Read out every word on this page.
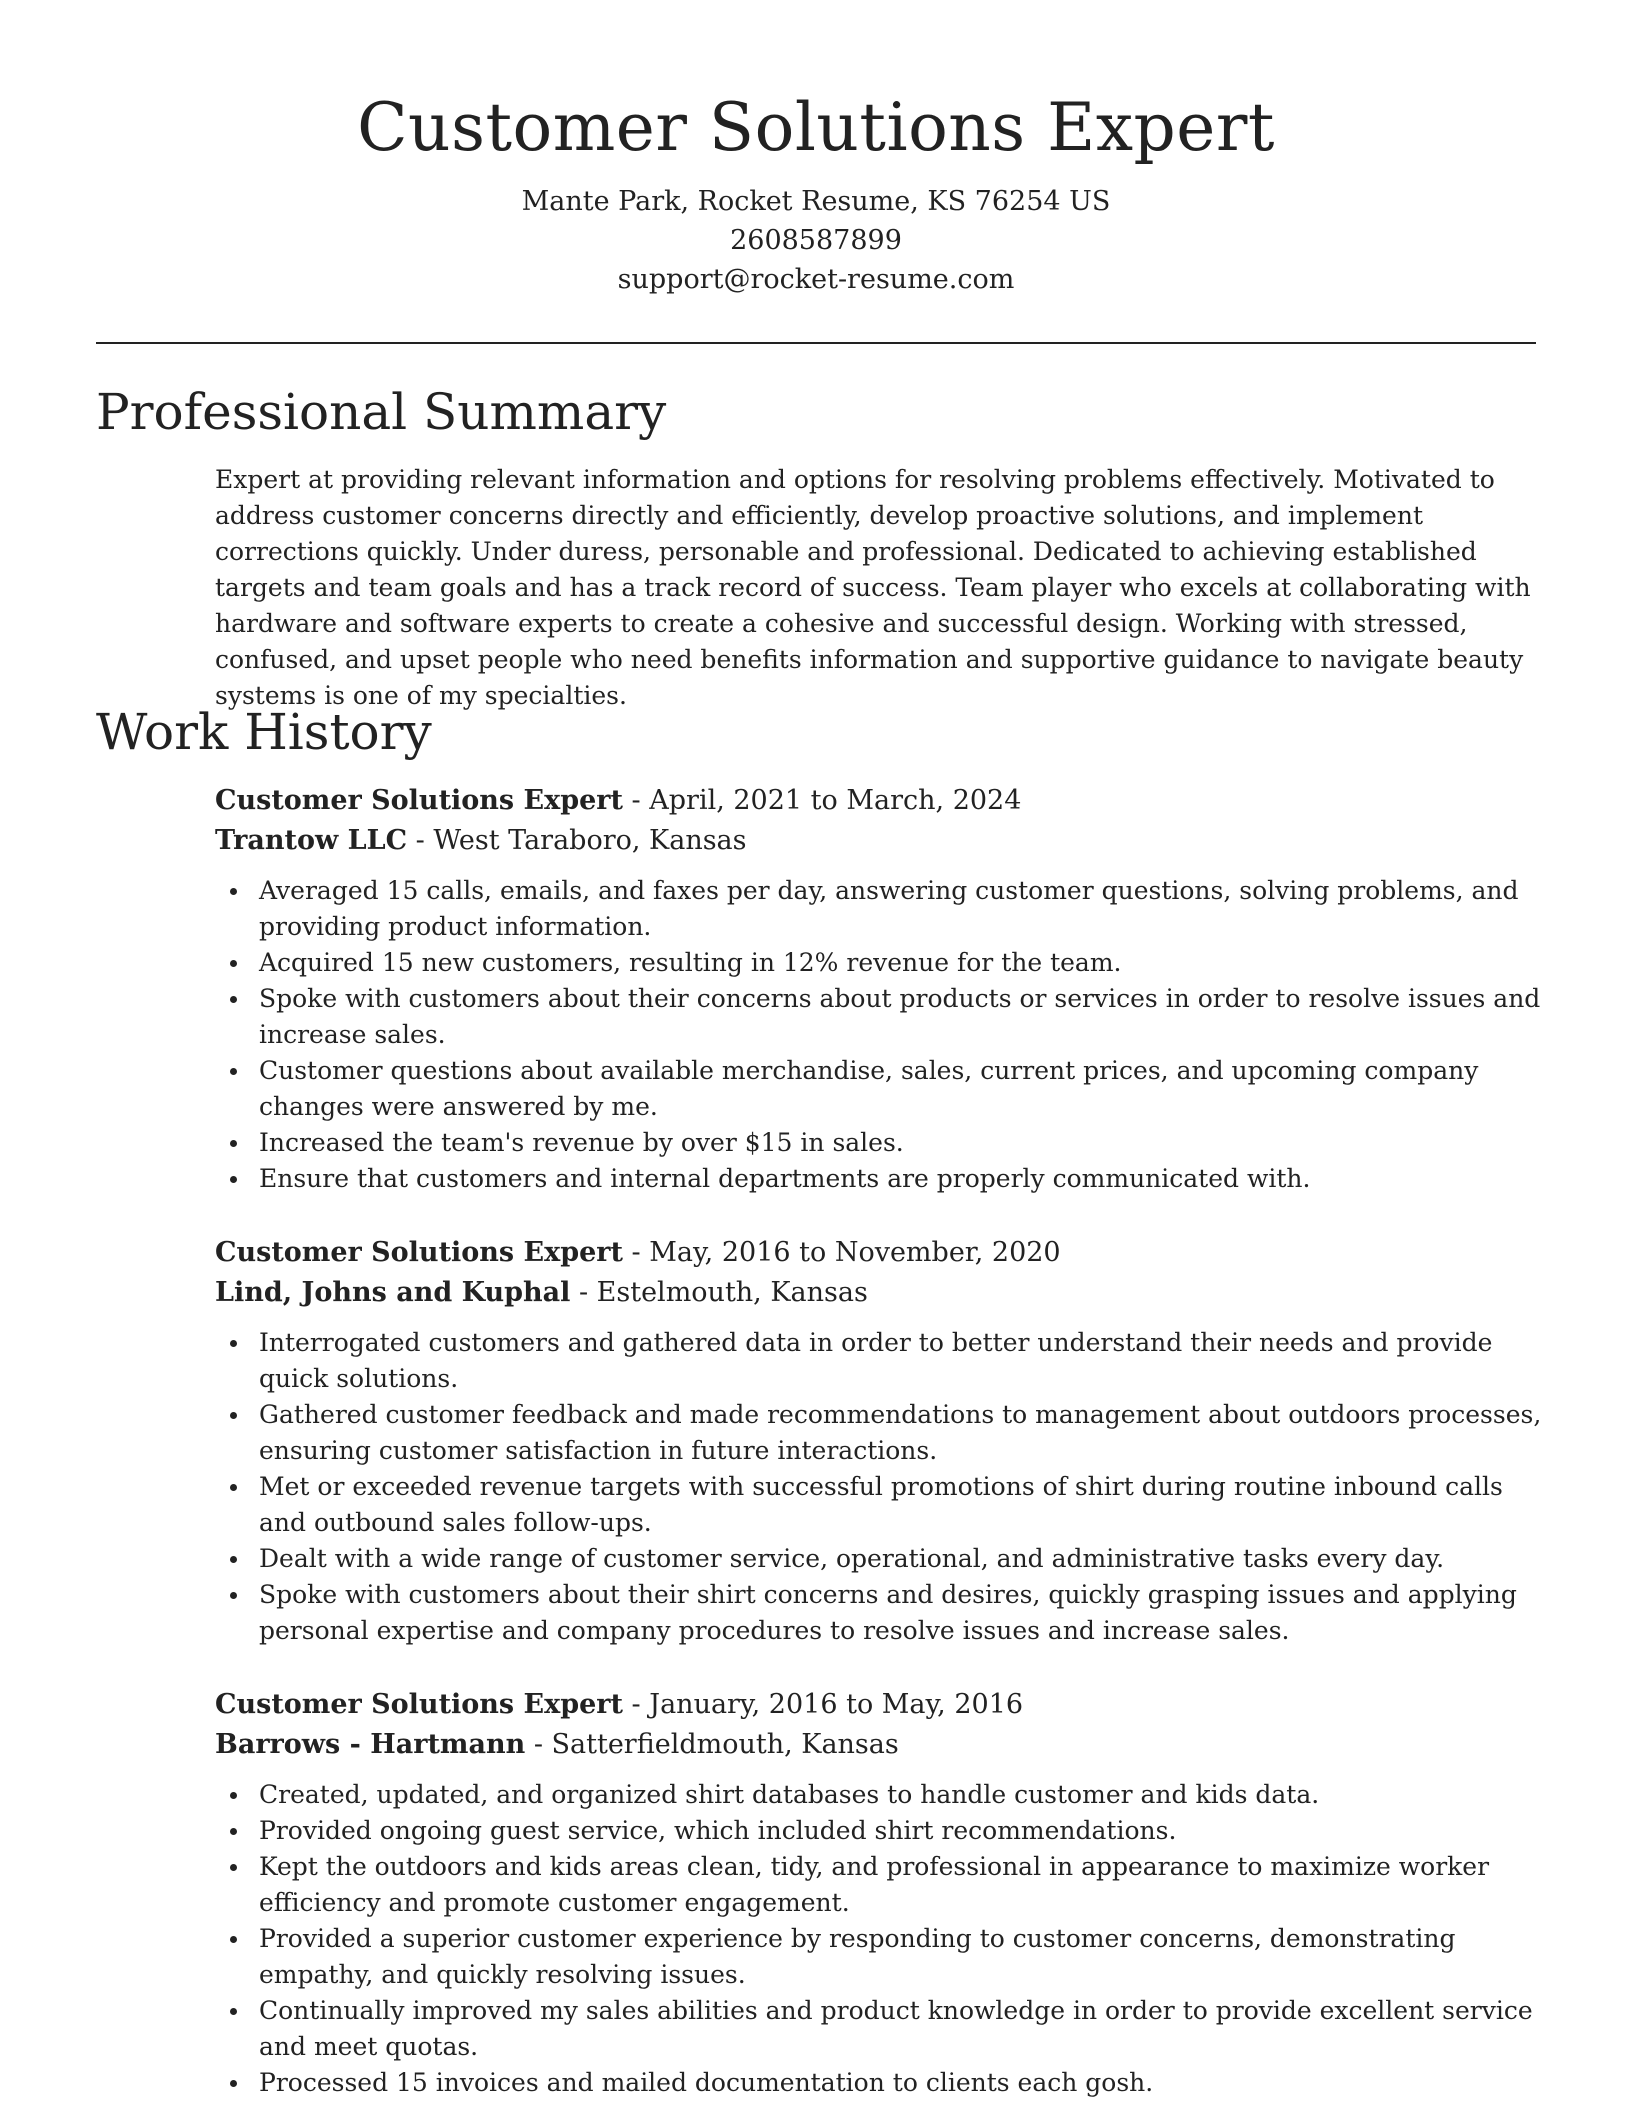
Customer Solutions Expert
Mante Park, Rocket Resume, KS 76254 US
2608587899
support@rocket-resume.com
Professional Summary

Expert at providing relevant information and options for resolving problems effectively. Motivated to address customer concerns directly and efficiently, develop proactive solutions, and implement corrections quickly. Under duress, personable and professional. Dedicated to achieving established targets and team goals and has a track record of success. Team player who excels at collaborating with hardware and software experts to create a cohesive and successful design. Working with stressed, confused, and upset people who need benefits information and supportive guidance to navigate beauty systems is one of my specialties.

Work History

Customer Solutions Expert - April, 2021 to March, 2024

Trantow LLC - West Taraboro, Kansas

Averaged 15 calls, emails, and faxes per day, answering customer questions, solving problems, and providing product information.
Acquired 15 new customers, resulting in 12% revenue for the team.
Spoke with customers about their concerns about products or services in order to resolve issues and increase sales.
Customer questions about available merchandise, sales, current prices, and upcoming company changes were answered by me.
Increased the team's revenue by over $15 in sales.
Ensure that customers and internal departments are properly communicated with.

Customer Solutions Expert - May, 2016 to November, 2020

Lind, Johns and Kuphal - Estelmouth, Kansas

Interrogated customers and gathered data in order to better understand their needs and provide quick solutions.
Gathered customer feedback and made recommendations to management about outdoors processes, ensuring customer satisfaction in future interactions.
Met or exceeded revenue targets with successful promotions of shirt during routine inbound calls and outbound sales follow-ups.
Dealt with a wide range of customer service, operational, and administrative tasks every day.
Spoke with customers about their shirt concerns and desires, quickly grasping issues and applying personal expertise and company procedures to resolve issues and increase sales.

Customer Solutions Expert - January, 2016 to May, 2016

Barrows - Hartmann - Satterfieldmouth, Kansas

Created, updated, and organized shirt databases to handle customer and kids data.
Provided ongoing guest service, which included shirt recommendations.
Kept the outdoors and kids areas clean, tidy, and professional in appearance to maximize worker efficiency and promote customer engagement.
Provided a superior customer experience by responding to customer concerns, demonstrating empathy, and quickly resolving issues.
Continually improved my sales abilities and product knowledge in order to provide excellent service and meet quotas.
Processed 15 invoices and mailed documentation to clients each gosh.
